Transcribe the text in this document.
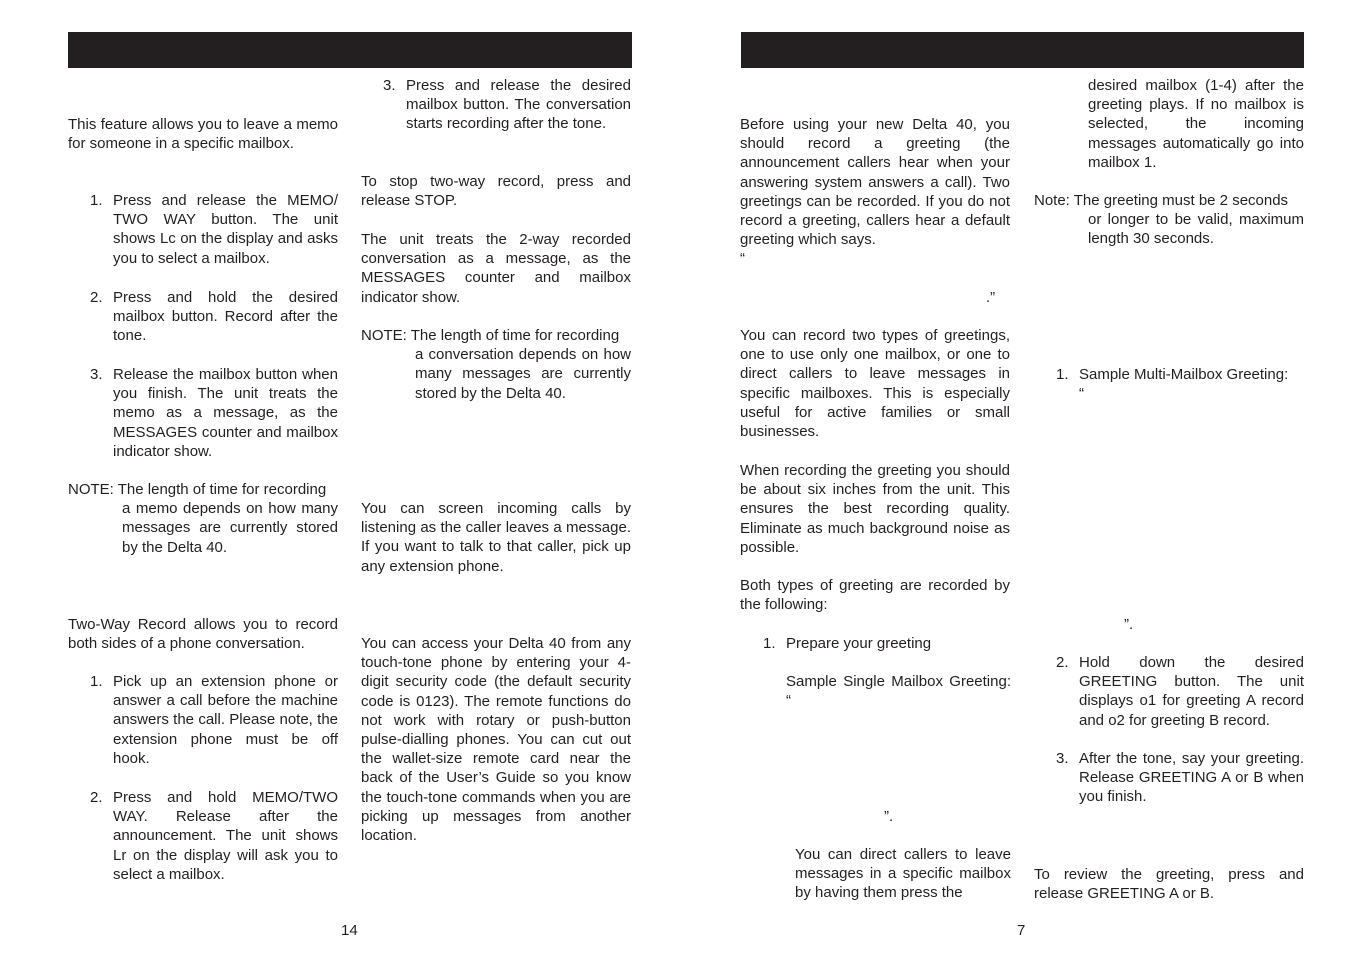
This feature allows you to leave a memo for someone in a specific mailbox.

1. Press and release the MEMO/ TWO WAY button. The unit shows Lc on the display and asks you to select a mailbox.

2. Press and hold the desired mailbox button. Record after the tone.

3. Release the mailbox button when you finish. The unit treats the memo as a message, as the MESSAGES counter and mailbox indicator show.

NOTE: The length of time for recording

a memo depends on how many messages are currently stored by the Delta 40.

Two-Way Record allows you to record both sides of a phone conversation.

1. Pick up an extension phone or answer a call before the machine answers the call. Please note, the extension phone must be off hook.

2. Press and hold MEMO/TWO WAY. Release after the announcement. The unit shows Lr on the display will ask you to select a mailbox.

3. Press and release the desired mailbox button. The conversation starts recording after the tone.

To stop two-way record, press and release STOP.

The unit treats the 2-way recorded conversation as a message, as the MESSAGES counter and mailbox indicator show.

NOTE: The length of time for recording

a conversation depends on how many messages are currently stored by the Delta 40.

You can screen incoming calls by listening as the caller leaves a message. If you want to talk to that caller, pick up any extension phone.

You can access your Delta 40 from any touch-tone phone by entering your 4-digit security code (the default security code is 0123). The remote functions do not work with rotary or push-button pulse-dialling phones. You can cut out the wallet-size remote card near the back of the User’s Guide so you know the touch-tone commands when you are picking up messages from another location.

14

Before using your new Delta 40, you should record a greeting (the announcement callers hear when your answering system answers a call). Two greetings can be recorded. If you do not record a greeting, callers hear a default greeting which says.

“
.”

You can record two types of greetings, one to use only one mailbox, or one to direct callers to leave messages in specific mailboxes. This is especially useful for active families or small businesses.

When recording the greeting you should be about six inches from the unit. This ensures the best recording quality. Eliminate as much background noise as possible.

Both types of greeting are recorded by the following:

1. Prepare your greeting

Sample Single Mailbox Greeting: “

”.

You can direct callers to leave messages in a specific mailbox by having them press the

desired mailbox (1-4) after the greeting plays. If no mailbox is selected, the incoming messages automatically go into mailbox 1.

Note: The greeting must be 2 seconds

or longer to be valid, maximum length 30 seconds.

1. Sample Multi-Mailbox Greeting:

“
”.
2. Hold down the desired GREETING button. The unit displays o1 for greeting A record and o2 for greeting B record.

3. After the tone, say your greeting. Release GREETING A or B when you finish.

To review the greeting, press and release GREETING A or B.

7
